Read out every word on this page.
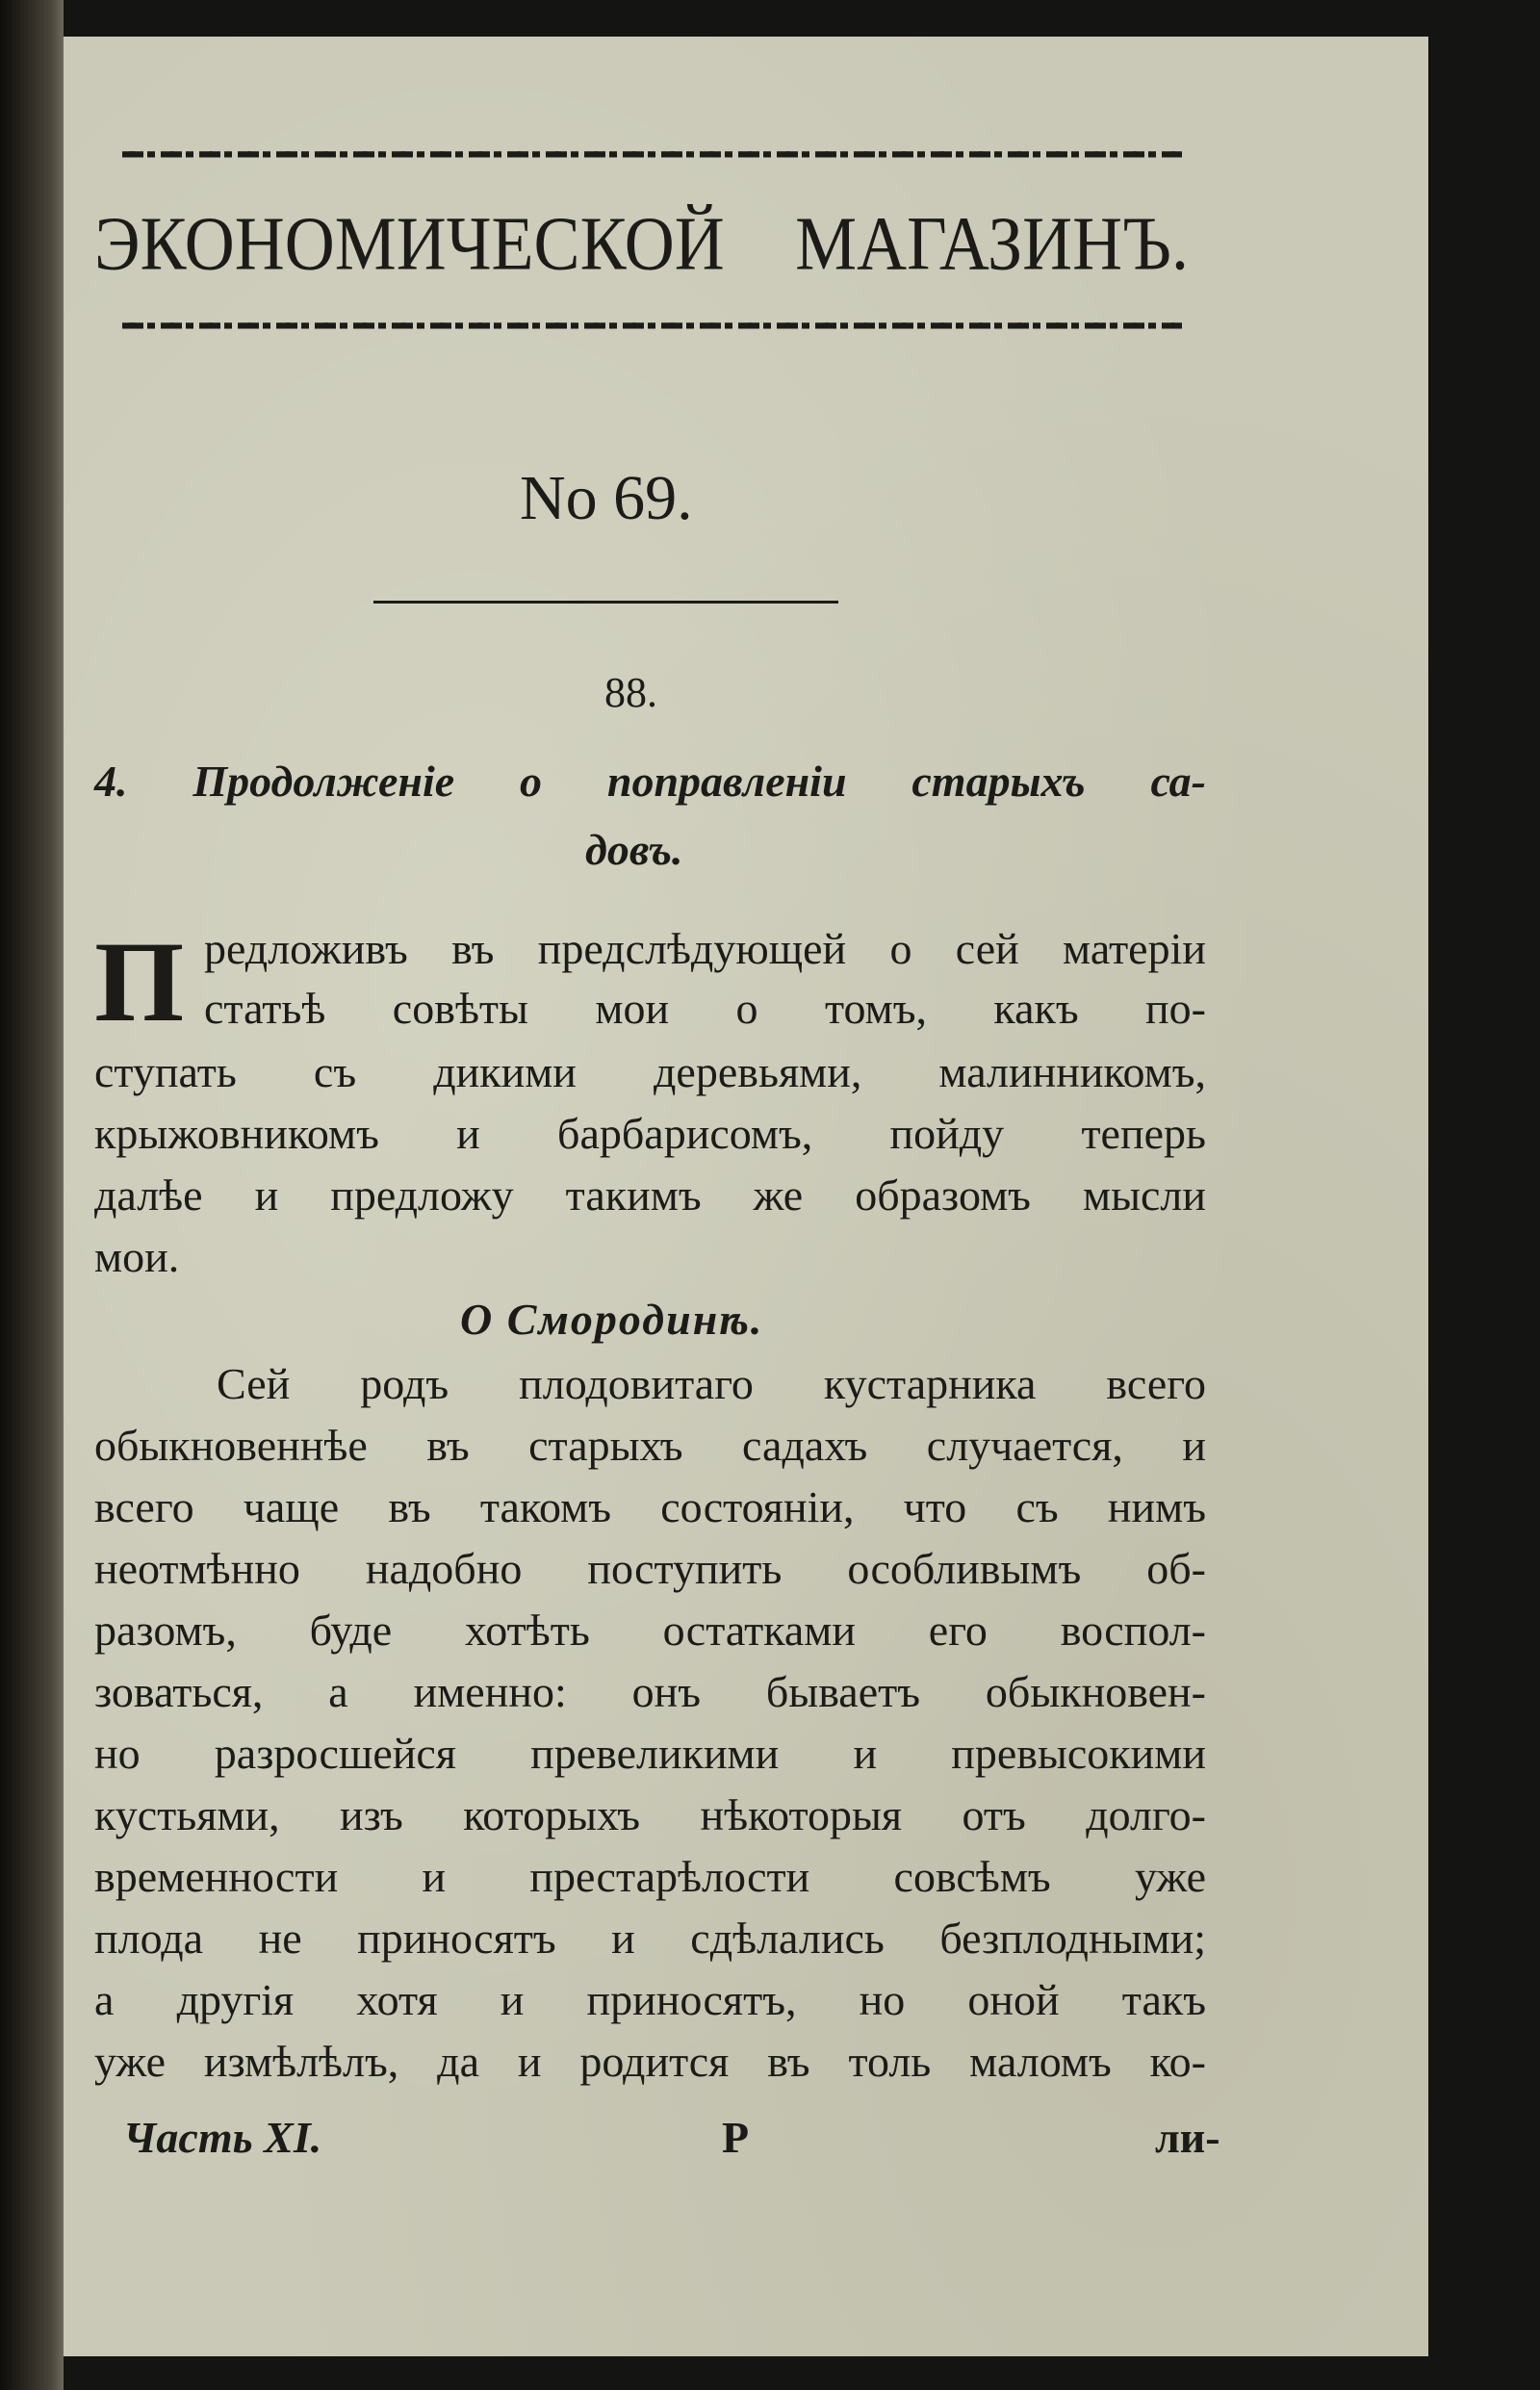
ЭКОНОМИЧЕСКОЙ МАГАЗИНЪ.
No 69.
88.
4. Продолженіе о поправленіи старыхъ са-
довъ.
П редложивъ въ предслѣдующей о сей матеріи
статьѣ совѣты мои о томъ, какъ по-
ступать съ дикими деревьями, малинникомъ,
крыжовникомъ и барбарисомъ, пойду теперь
далѣе и предложу такимъ же образомъ мысли
мои.
О Смородинѣ.
Сей родъ плодовитаго кустарника всего
обыкновеннѣе въ старыхъ садахъ случается, и
всего чаще въ такомъ состояніи, что съ нимъ
неотмѣнно надобно поступить особливымъ об-
разомъ, буде хотѣть остатками его воспол-
зоваться, а именно: онъ бываетъ обыкновен-
но разросшейся превеликими и превысокими
кустьями, изъ которыхъ нѣкоторыя отъ долго-
временности и престарѣлости совсѣмъ уже
плода не приносятъ и сдѣлались безплодными;
а другія хотя и приносятъ, но оной такъ
уже измѣлѣлъ, да и родится въ толь маломъ ко-
Часть XI.	Р	ли-
